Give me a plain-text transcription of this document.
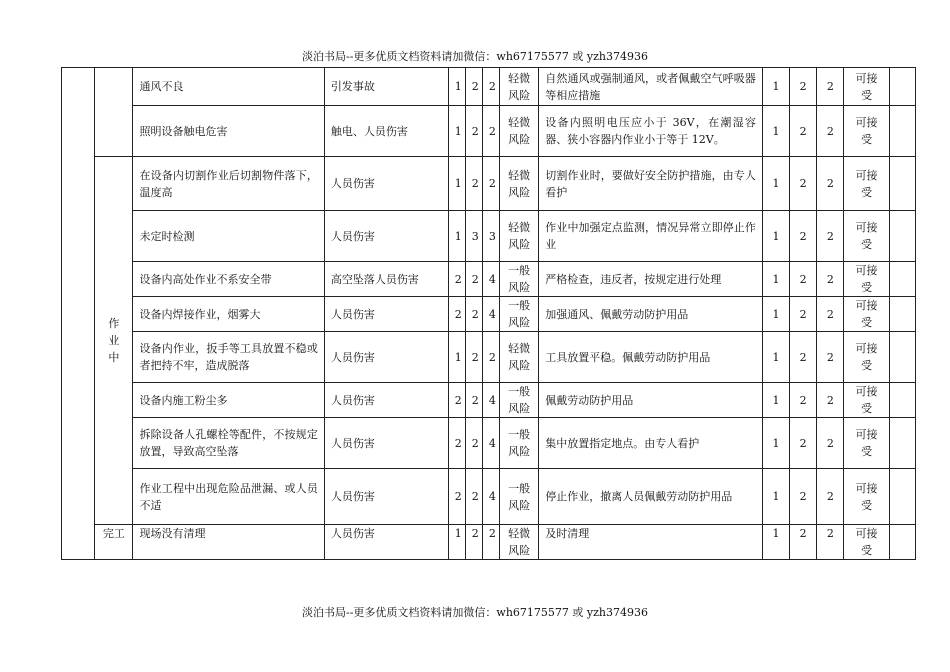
淡泊书局--更多优质文档资料请加微信：wh67175577 或 yzh374936
		通风不良	引发事故	1	2	2	轻微风险	自然通风或强制通风，或者佩戴空气呼吸器等相应措施	1	2	2	可接受	
		照明设备触电危害	触电、人员伤害	1	2	2	轻微风险	设备内照明电压应小于 36V，在潮湿容器、狭小容器内作业小于等于 12V。	1	2	2	可接受	
	作 业 中	在设备内切割作业后切割物件落下，温度高	人员伤害	1	2	2	轻微风险	切割作业时，要做好安全防护措施，由专人看护	1	2	2	可接受	
		未定时检测	人员伤害	1	3	3	轻微风险	作业中加强定点监测，情况异常立即停止作业	1	2	2	可接受	
		设备内高处作业不系安全带	高空坠落人员伤害	2	2	4	一般风险	严格检查，违反者，按规定进行处理	1	2	2	可接受	
		设备内焊接作业，烟雾大	人员伤害	2	2	4	一般风险	加强通风、佩戴劳动防护用品	1	2	2	可接受	
		设备内作业，扳手等工具放置不稳或者把持不牢，造成脱落	人员伤害	1	2	2	轻微风险	工具放置平稳。佩戴劳动防护用品	1	2	2	可接受	
		设备内施工粉尘多	人员伤害	2	2	4	一般风险	佩戴劳动防护用品	1	2	2	可接受	
		拆除设备人孔螺栓等配件，不按规定放置，导致高空坠落	人员伤害	2	2	4	一般风险	集中放置指定地点。由专人看护	1	2	2	可接受	
		作业工程中出现危险品泄漏、或人员不适	人员伤害	2	2	4	一般风险	停止作业，撤离人员佩戴劳动防护用品	1	2	2	可接受	
	完工	现场没有清理	人员伤害	1	2	2	轻微风险	及时清理	1	2	2	可接受	
淡泊书局--更多优质文档资料请加微信：wh67175577 或 yzh374936
